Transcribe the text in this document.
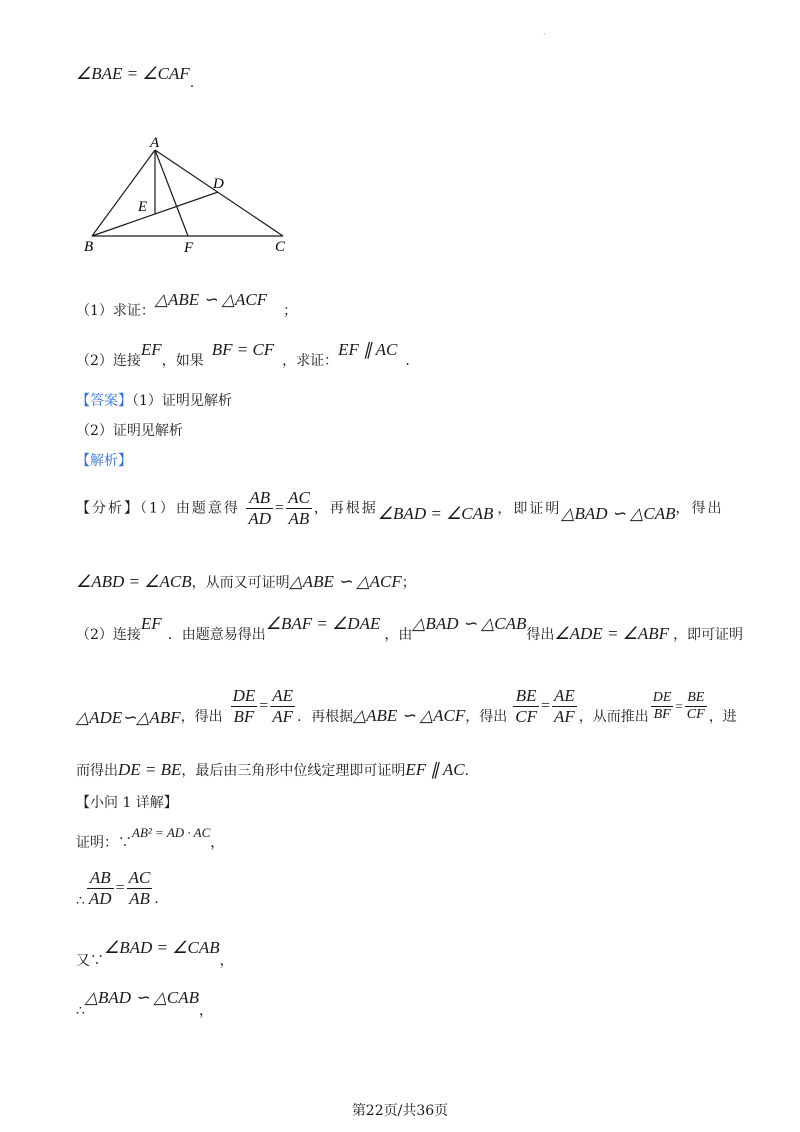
·
∠BAE = ∠CAF.
A
B	C
D
E
F
（1）求证：△ABE ∽ △ACF；
（2）连接EF，如果BF = CF，求证：EF ∥ AC.
【答案】（1）证明见解析
（2）证明见解析
【解析】
【分析】（1）由题意得 $\frac{AB}{AD} = \frac{AC}{AB}$ ，再根据∠BAD = ∠CAB ，即证明△BAD ∽ △CAB，得出
∠ABD = ∠ACB，从而又可证明△ABE ∽ △ACF；
（2）连接EF．由题意易得出∠BAF = ∠DAE，由△BAD ∽ △CAB得出∠ADE = ∠ABF ，即可证明
△ADE∽△ABF，得出 $\frac{DE}{BF} = \frac{AE}{AF}$ ．再根据△ABE ∽ △ACF，得出 $\frac{BE}{CF} = \frac{AE}{AF}$ ，从而推出 $\frac{DE}{BF} = \frac{BE}{CF}$ ，进
而得出DE = BE，最后由三角形中位线定理即可证明EF ∥ AC.
【小问 1 详解】
证明：∵AB² = AD · AC，
∴ $\frac{AB}{AD} = \frac{AC}{AB}$ .
又∵∠BAD = ∠CAB，
∴△BAD ∽ △CAB，
第22页/共36页
